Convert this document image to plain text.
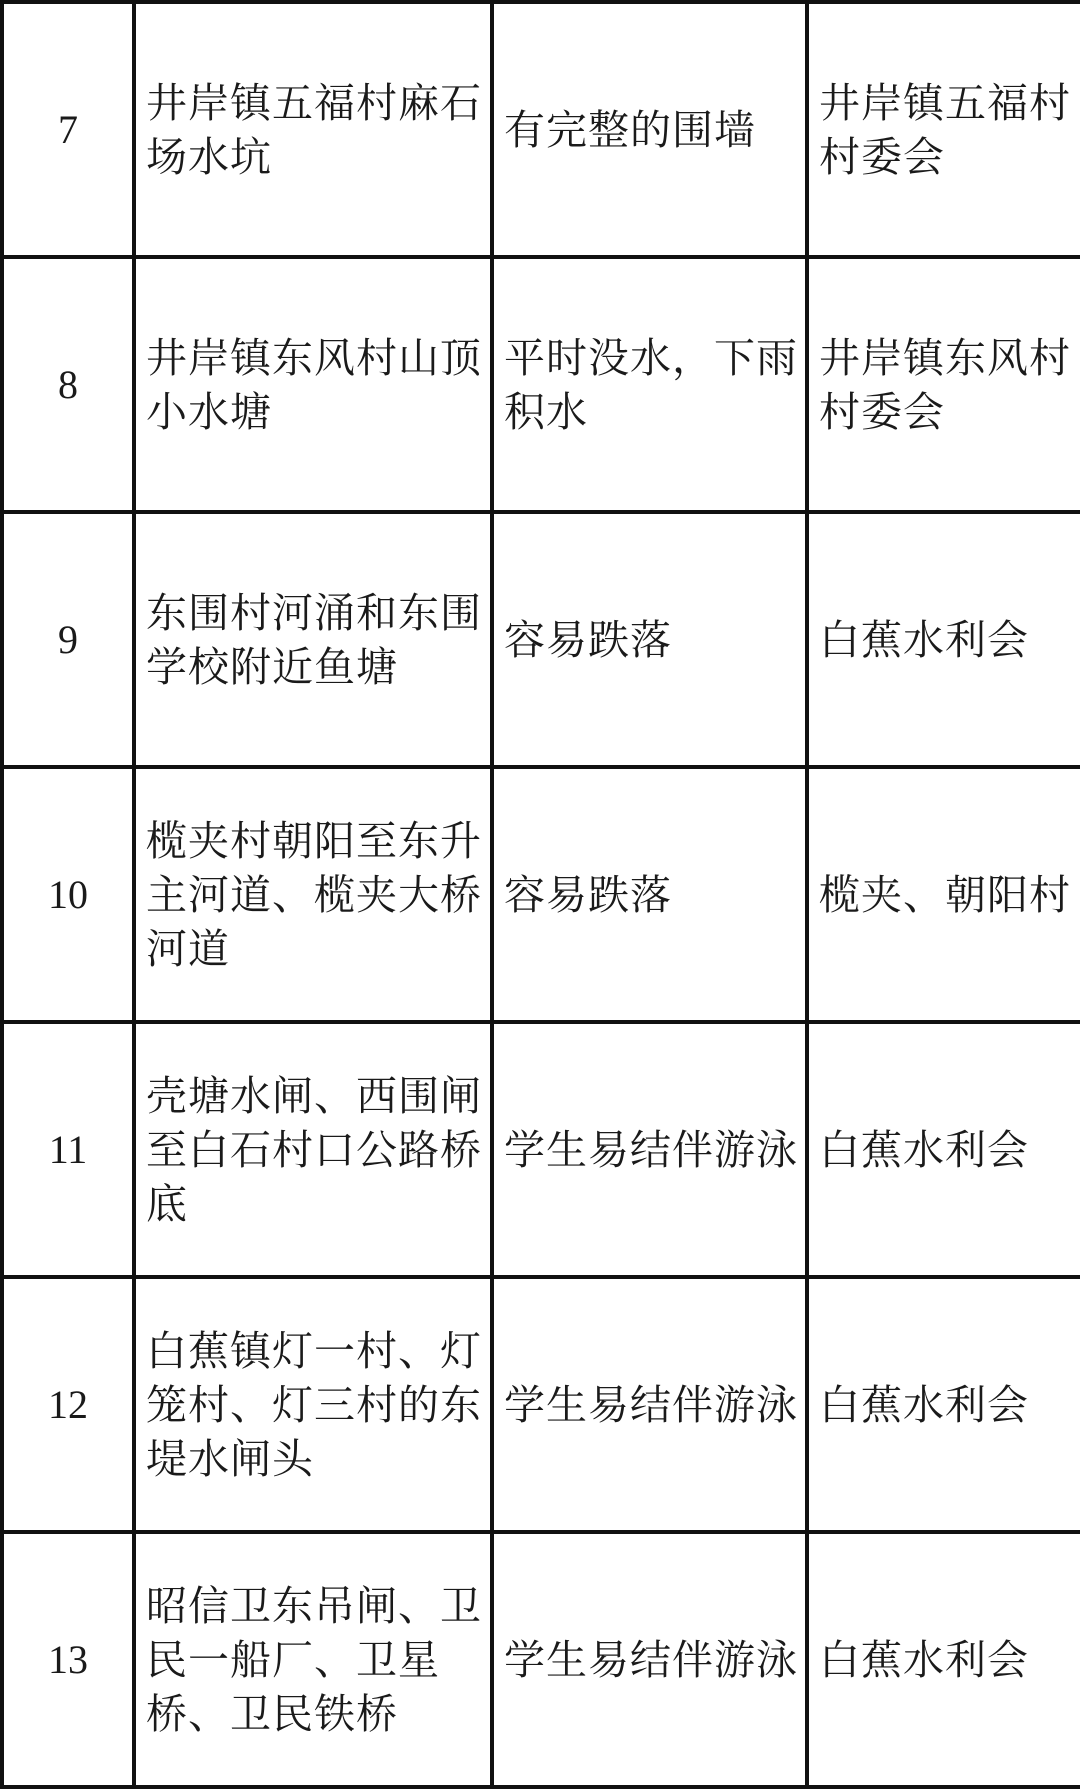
7	井岸镇五福村麻石场水坑	有完整的围墙	井岸镇五福村村委会
8	井岸镇东风村山顶小水塘	平时没水，下雨积水	井岸镇东风村村委会
9	东围村河涌和东围学校附近鱼塘	容易跌落	白蕉水利会
10	榄夹村朝阳至东升主河道、榄夹大桥河道	容易跌落	榄夹、朝阳村
11	壳塘水闸、西围闸至白石村口公路桥底	学生易结伴游泳	白蕉水利会
12	白蕉镇灯一村、灯笼村、灯三村的东堤水闸头	学生易结伴游泳	白蕉水利会
13	昭信卫东吊闸、卫民一船厂、卫星桥、卫民铁桥	学生易结伴游泳	白蕉水利会
